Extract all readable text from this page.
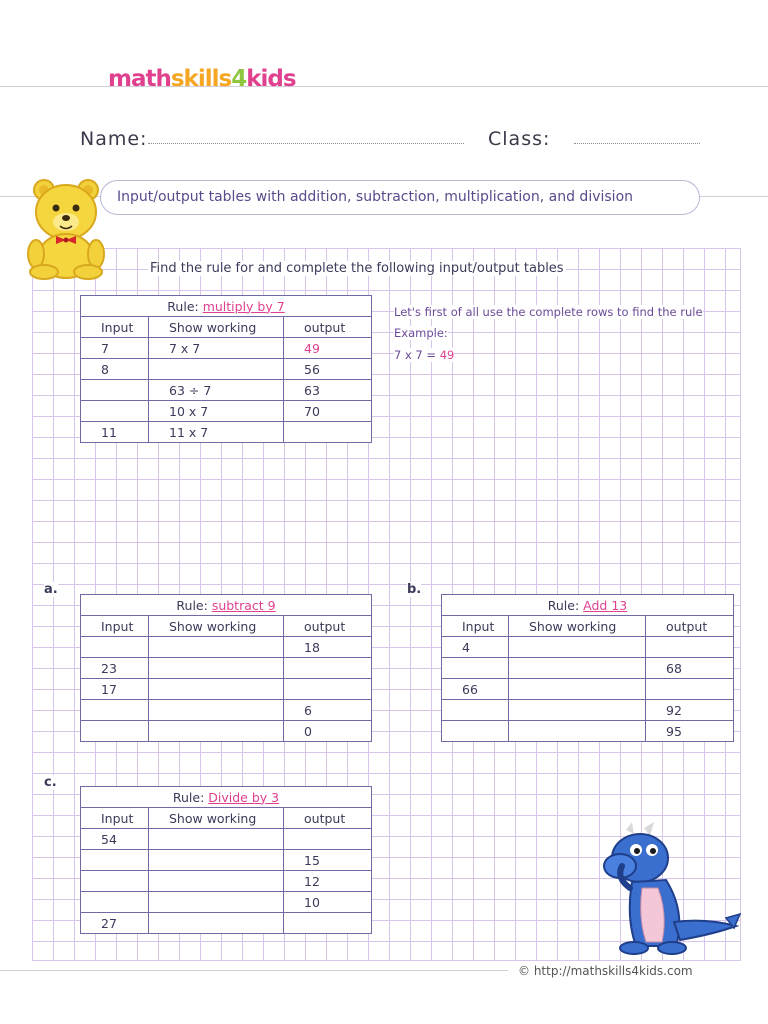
mathskills4kids
Name:	Class:
Input/output tables with addition, subtraction, multiplication, and division
Find the rule for and complete the following input/output tables
Rule: multiply by 7		
Input	Show working	output
7	7 x 7	49
8		56
	63 ÷ 7	63
	10 x 7	70
11	11 x 7	
Let's first of all use the complete rows to find the rule
Example:
7 x 7 = 49
a.
Rule: subtract 9		
Input	Show working	output
		18
23		
17		
		6
		0
b.
Rule: Add 13		
Input	Show working	output
4		
		68
66		
		92
		95
c.
Rule: Divide by 3		
Input	Show working	output
54		
		15
		12
		10
27		
© http://mathskills4kids.com
